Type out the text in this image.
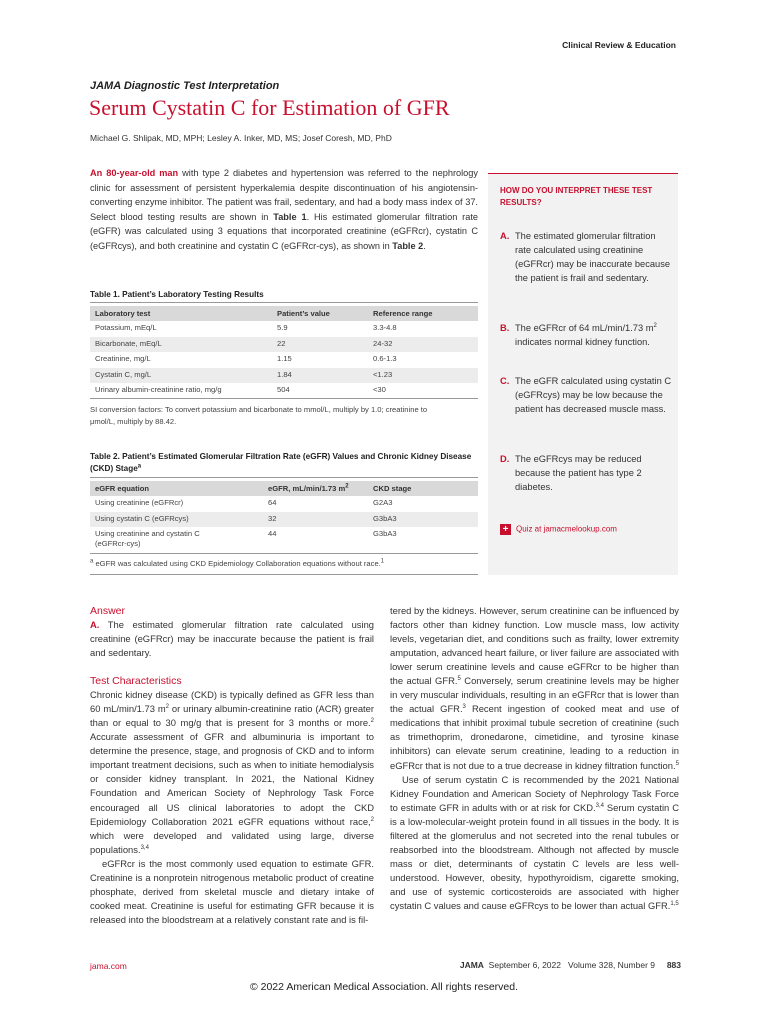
Clinical Review & Education
JAMA Diagnostic Test Interpretation
Serum Cystatin C for Estimation of GFR
Michael G. Shlipak, MD, MPH; Lesley A. Inker, MD, MS; Josef Coresh, MD, PhD
An 80-year-old man with type 2 diabetes and hypertension was referred to the nephrology clinic for assessment of persistent hyperkalemia despite discontinuation of his angiotensin-converting enzyme inhibitor. The patient was frail, sedentary, and had a body mass index of 37. Select blood testing results are shown in Table 1. His estimated glomerular filtration rate (eGFR) was calculated using 3 equations that incorporated creatinine (eGFRcr), cystatin C (eGFRcys), and both creatinine and cystatin C (eGFRcr-cys), as shown in Table 2.
Table 1. Patient’s Laboratory Testing Results
Laboratory test	Patient’s value	Reference range
Potassium, mEq/L	5.9	3.3-4.8
Bicarbonate, mEq/L	22	24-32
Creatinine, mg/L	1.15	0.6-1.3
Cystatin C, mg/L	1.84	<1.23
Urinary albumin-creatinine ratio, mg/g	504	<30
SI conversion factors: To convert potassium and bicarbonate to mmol/L, multiply by 1.0; creatinine to
μmol/L, multiply by 88.42.
Table 2. Patient’s Estimated Glomerular Filtration Rate (eGFR) Values and Chronic Kidney Disease
(CKD) Stage$^a$
eGFR equation	eGFR, mL/min/1.73 $m^2$	CKD stage
Using creatinine (eGFRcr)	64	G2A3
Using cystatin C (eGFRcys)	32	G3bA3
Using creatinine and cystatin C
(eGFRcr-cys)	44	G3bA3
$^a$ eGFR was calculated using CKD Epidemiology Collaboration equations without race.$^1$
HOW DO YOU INTERPRET THESE TEST RESULTS?
A. The estimated glomerular filtration rate calculated using creatinine (eGFRcr) may be inaccurate because the patient is frail and sedentary.
B. The eGFRcr of 64 mL/min/1.73 $m^2$ indicates normal kidney function.
C. The eGFR calculated using cystatin C (eGFRcys) may be low because the patient has decreased muscle mass.
D. The eGFRcys may be reduced because the patient has type 2 diabetes.
+ Quiz at jamacmelookup.com
Answer

A. The estimated glomerular filtration rate calculated using creatinine (eGFRcr) may be inaccurate because the patient is frail and sedentary.

Test Characteristics

Chronic kidney disease (CKD) is typically defined as GFR less than 60 mL/min/1.73 $m^2$ or urinary albumin-creatinine ratio (ACR) greater than or equal to 30 mg/g that is present for 3 months or more.$^2$ Accurate assessment of GFR and albuminuria is important to determine the presence, stage, and prognosis of CKD and to inform important treatment decisions, such as when to initiate hemodialysis or consider kidney transplant. In 2021, the National Kidney Foundation and American Society of Nephrology Task Force encouraged all US clinical laboratories to adopt the CKD Epidemiology Collaboration 2021 eGFR equations without race,$^2$ which were developed and validated using large, diverse populations.$^{3,4}$

eGFRcr is the most commonly used equation to estimate GFR. Creatinine is a nonprotein nitrogenous metabolic product of creatine phosphate, derived from skeletal muscle and dietary intake of cooked meat. Creatinine is useful for estimating GFR because it is released into the bloodstream at a relatively constant rate and is fil-

tered by the kidneys. However, serum creatinine can be influenced by factors other than kidney function. Low muscle mass, low activity levels, vegetarian diet, and conditions such as frailty, lower extremity amputation, advanced heart failure, or liver failure are associated with lower serum creatinine levels and cause eGFRcr to be higher than the actual GFR.$^5$ Conversely, serum creatinine levels may be higher in very muscular individuals, resulting in an eGFRcr that is lower than the actual GFR.$^3$ Recent ingestion of cooked meat and use of medications that inhibit proximal tubule secretion of creatinine (such as trimethoprim, dronedarone, cimetidine, and tyrosine kinase inhibitors) can elevate serum creatinine, leading to a reduction in eGFRcr that is not due to a true decrease in kidney filtration function.$^5$

Use of serum cystatin C is recommended by the 2021 National Kidney Foundation and American Society of Nephrology Task Force to estimate GFR in adults with or at risk for CKD.$^{3,4}$ Serum cystatin C is a low-molecular-weight protein found in all tissues in the body. It is filtered at the glomerulus and not secreted into the renal tubules or reabsorbed into the bloodstream. Although not affected by muscle mass or diet, determinants of cystatin C levels are less well-understood. However, obesity, hypothyroidism, cigarette smoking, and use of systemic corticosteroids are associated with higher cystatin C values and cause eGFRcys to be lower than actual GFR.$^{1,5}$

jama.com	JAMA September 6, 2022   Volume 328, Number 9 883
© 2022 American Medical Association. All rights reserved.
